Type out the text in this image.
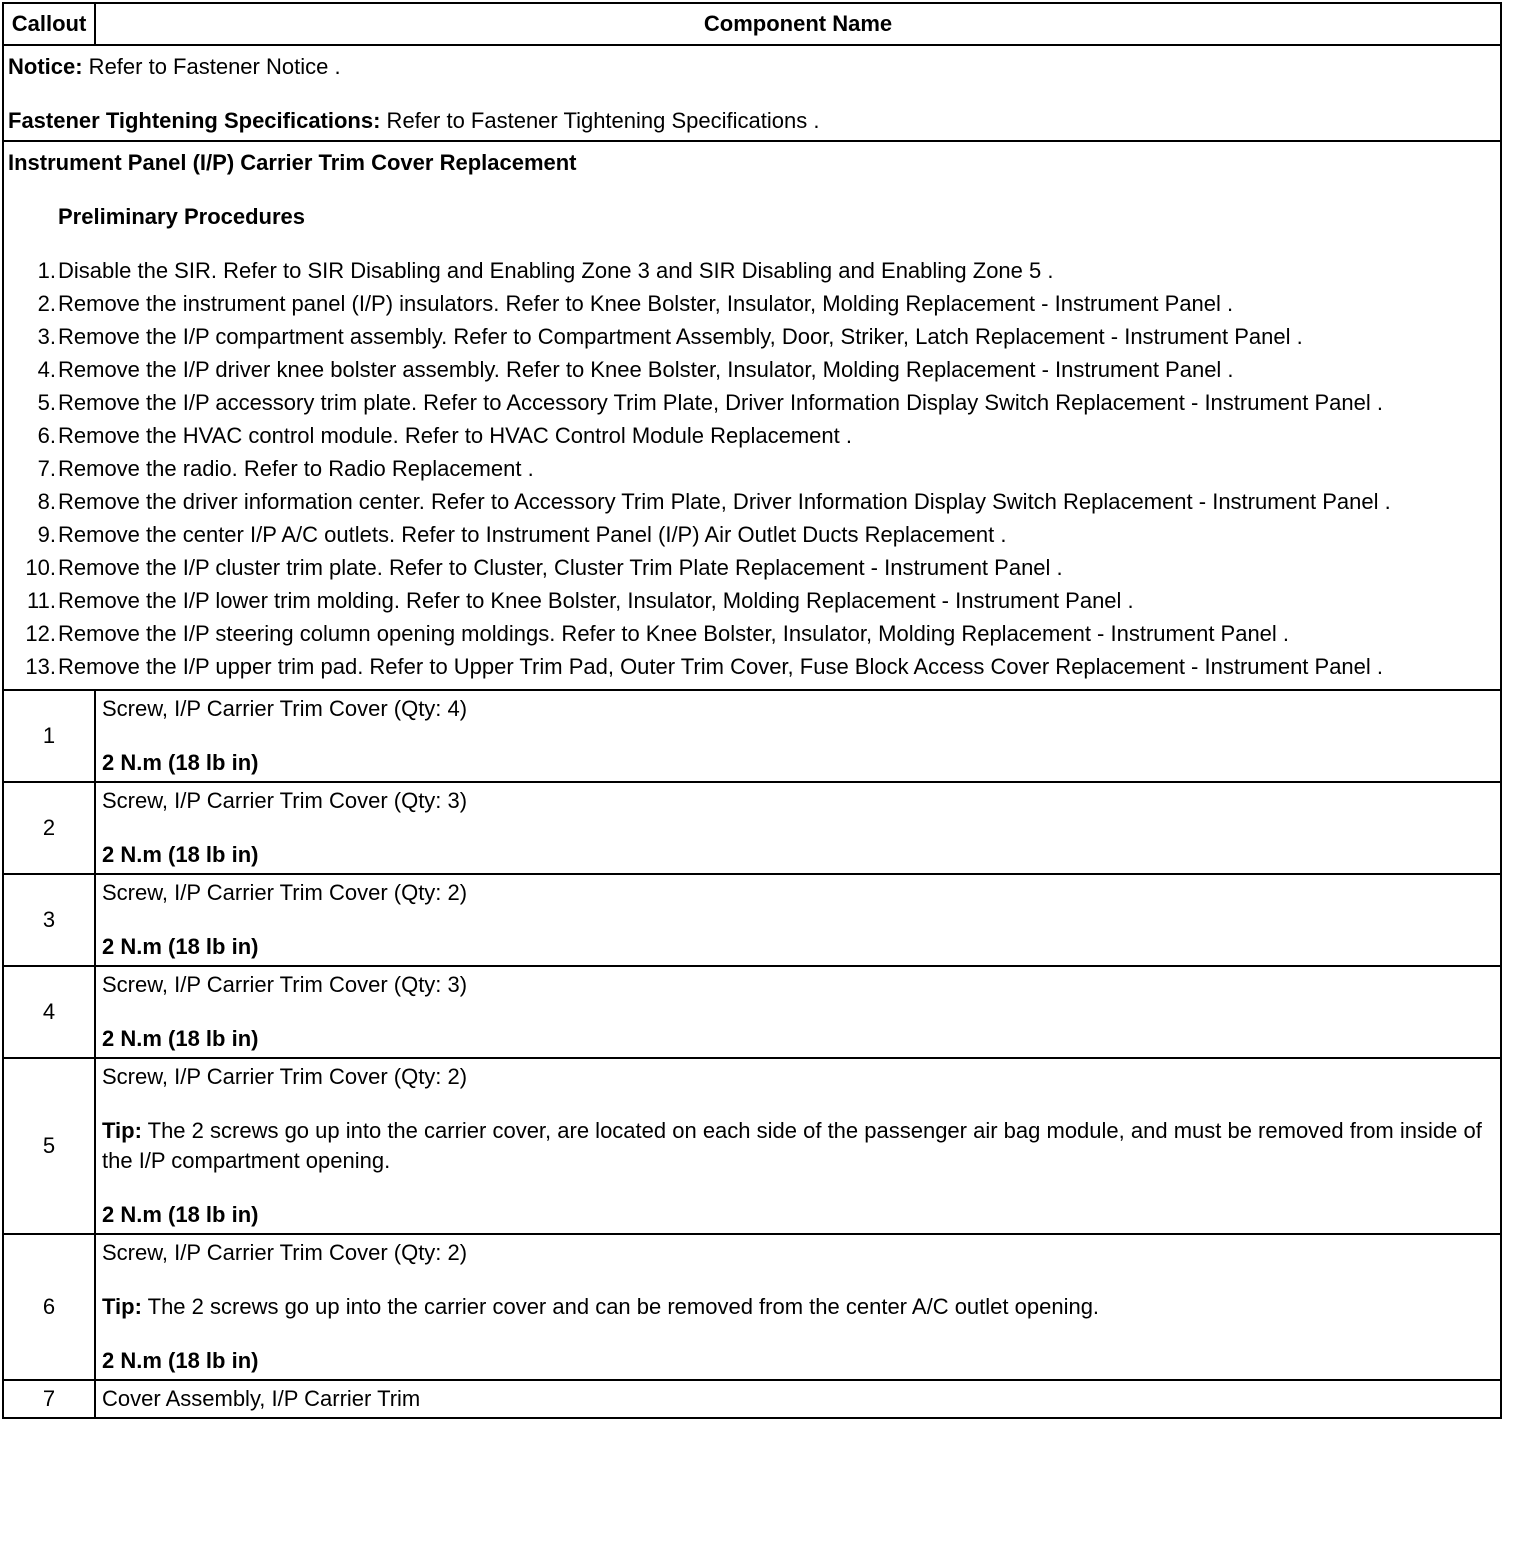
Callout	Component Name

Notice: Refer to Fastener Notice .

Fastener Tightening Specifications: Refer to Fastener Tightening Specifications .

Instrument Panel (I/P) Carrier Trim Cover Replacement

Preliminary Procedures

1. Disable the SIR. Refer to SIR Disabling and Enabling Zone 3 and SIR Disabling and Enabling Zone 5 .
2. Remove the instrument panel (I/P) insulators. Refer to Knee Bolster, Insulator, Molding Replacement - Instrument Panel .
3. Remove the I/P compartment assembly. Refer to Compartment Assembly, Door, Striker, Latch Replacement - Instrument Panel .
4. Remove the I/P driver knee bolster assembly. Refer to Knee Bolster, Insulator, Molding Replacement - Instrument Panel .
5. Remove the I/P accessory trim plate. Refer to Accessory Trim Plate, Driver Information Display Switch Replacement - Instrument Panel .
6. Remove the HVAC control module. Refer to HVAC Control Module Replacement .
7. Remove the radio. Refer to Radio Replacement .
8. Remove the driver information center. Refer to Accessory Trim Plate, Driver Information Display Switch Replacement - Instrument Panel .
9. Remove the center I/P A/C outlets. Refer to Instrument Panel (I/P) Air Outlet Ducts Replacement .
10. Remove the I/P cluster trim plate. Refer to Cluster, Cluster Trim Plate Replacement - Instrument Panel .
11. Remove the I/P lower trim molding. Refer to Knee Bolster, Insulator, Molding Replacement - Instrument Panel .
12. Remove the I/P steering column opening moldings. Refer to Knee Bolster, Insulator, Molding Replacement - Instrument Panel .
13. Remove the I/P upper trim pad. Refer to Upper Trim Pad, Outer Trim Cover, Fuse Block Access Cover Replacement - Instrument Panel .
1

Screw, I/P Carrier Trim Cover (Qty: 4)

2 N.m (18 lb in)

2

Screw, I/P Carrier Trim Cover (Qty: 3)

2 N.m (18 lb in)

3

Screw, I/P Carrier Trim Cover (Qty: 2)

2 N.m (18 lb in)

4

Screw, I/P Carrier Trim Cover (Qty: 3)

2 N.m (18 lb in)

5

Screw, I/P Carrier Trim Cover (Qty: 2)

Tip: The 2 screws go up into the carrier cover, are located on each side of the passenger air bag module, and must be removed from inside of the I/P compartment opening.

2 N.m (18 lb in)

6

Screw, I/P Carrier Trim Cover (Qty: 2)

Tip: The 2 screws go up into the carrier cover and can be removed from the center A/C outlet opening.

2 N.m (18 lb in)

7	Cover Assembly, I/P Carrier Trim
